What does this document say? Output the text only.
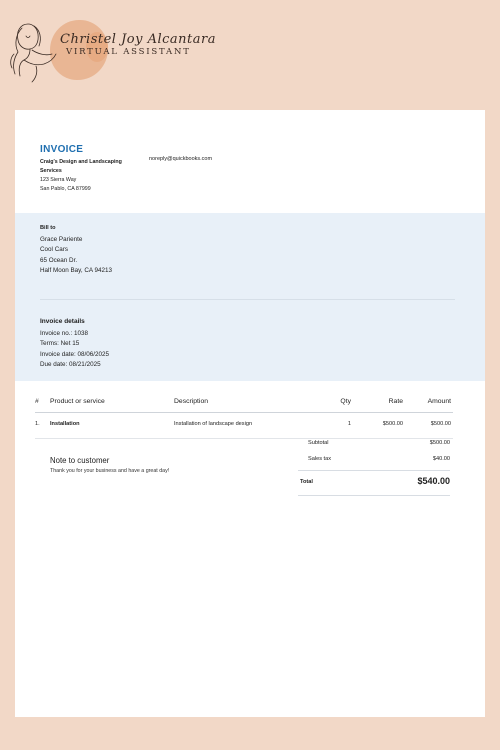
Christel Joy Alcantara
VIRTUAL ASSISTANT
INVOICE
Craig's Design and Landscaping Services
123 Sierra Way
San Pablo, CA 87999
noreply@quickbooks.com
Bill to
Grace Pariente
Cool Cars
65 Ocean Dr.
Half Moon Bay, CA 94213
Invoice details
Invoice no.: 1038
Terms: Net 15
Invoice date: 08/06/2025
Due date: 08/21/2025
# Product or service	Description	Qty	Rate	Amount
1. Installation	Installation of landscape design	1	$500.00	$500.00
Note to customer
Thank you for your business and have a great day!
Subtotal	$500.00
Sales tax	$40.00
Total	$540.00
